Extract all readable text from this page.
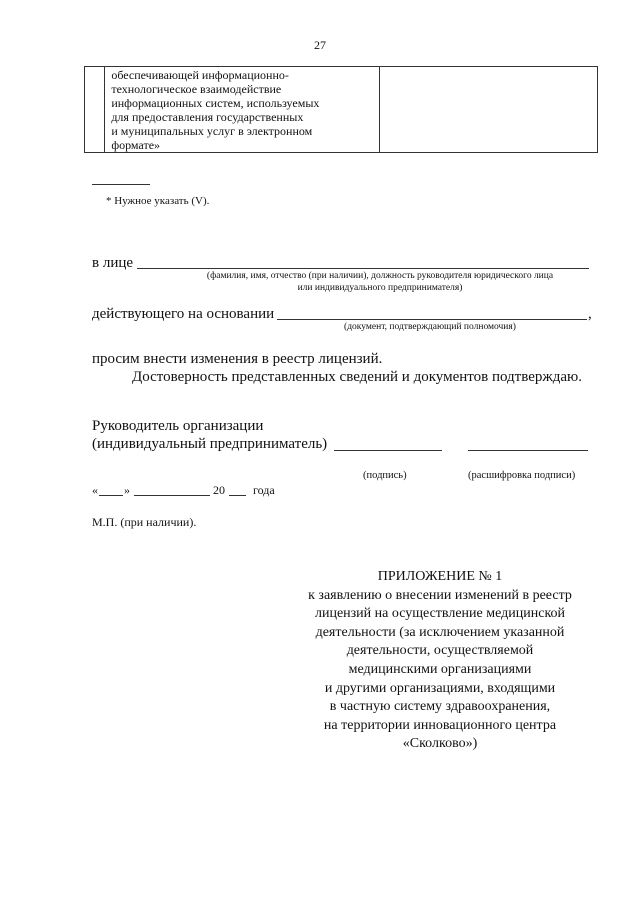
27

обеспечивающей информационно-
технологическое взаимодействие
информационных систем, используемых
для предоставления государственных
и муниципальных услуг в электронном
формате»

* Нужное указать (V).
в лице
(фамилия, имя, отчество (при наличии), должность руководителя юридического лица
или индивидуального предпринимателя)
действующего на основании	,
(документ, подтверждающий полномочия)
просим внести изменения в реестр лицензий.
Достоверность представленных сведений и документов подтверждаю.
Руководитель организации
(индивидуальный предприниматель)
(подпись)	(расшифровка подписи)
« »	20 года
М.П. (при наличии).
ПРИЛОЖЕНИЕ № 1
к заявлению о внесении изменений в реестр
лицензий на осуществление медицинской
деятельности (за исключением указанной
деятельности, осуществляемой
медицинскими организациями
и другими организациями, входящими
в частную систему здравоохранения,
на территории инновационного центра
«Сколково»)
